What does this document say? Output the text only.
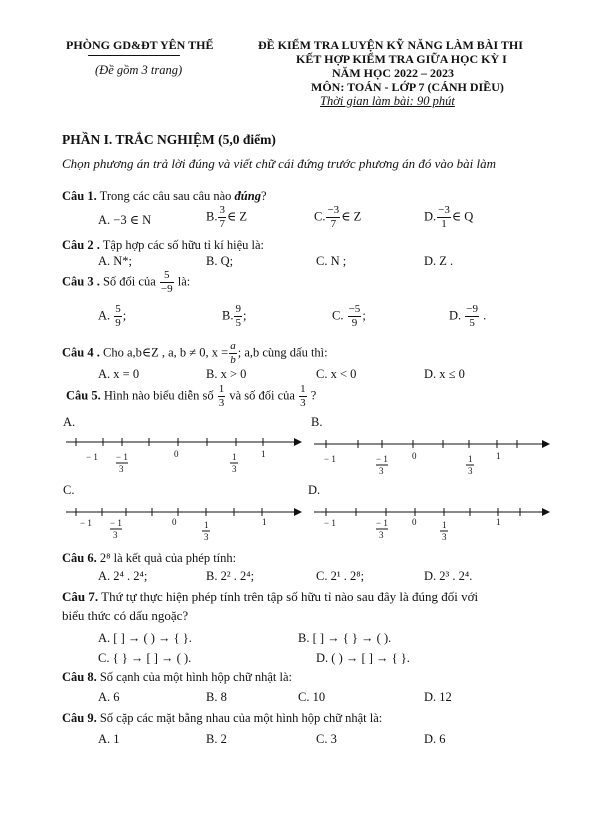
PHÒNG GD&ĐT YÊN THẾ
(Đề gồm 3 trang)
ĐỀ KIỂM TRA LUYỆN KỸ NĂNG LÀM BÀI THI
KẾT HỢP KIỂM TRA GIỮA HỌC KỲ I
NĂM HỌC 2022 – 2023
MÔN: TOÁN - LỚP 7 (CÁNH DIỀU)
Thời gian làm bài: 90 phút
PHẦN I. TRẮC NGHIỆM (5,0 điểm)
Chọn phương án trả lời đúng và viết chữ cái đứng trước phương án đó vào bài làm
Câu 1. Trong các câu sau câu nào đúng?
A. −3 ∈ N	B. $\frac{3}{7}$ ∈ Z	C. $\frac{-3}{7}$ ∈ Z	D. $\frac{-3}{1}$ ∈ Q
Câu 2 . Tập hợp các số hữu tỉ kí hiệu là:
A. N*;	B. Q;	C. N ;	D. Z .
Câu 3 . Số đối của $\frac{5}{-9}$ là:
A. $\frac{5}{9}$ ;	B. $\frac{9}{5}$ ;	C. $\frac{-5}{9}$ ;	D. $\frac{-9}{5}$ .
Câu 4 . Cho a,b∈Z , a, b ≠ 0, $x = \frac{a}{b}$ ; a,b cùng dấu thì:
A. x = 0	B. x > 0	C. x < 0	D. x ≤ 0
Câu 5. Hình nào biểu diễn số $\frac{1}{3}$ và số đối của $\frac{1}{3}$ ?
A.	B.
C.	D.
− 1 − 1
3
0	1
3
1	− 1	− 1
3
0	1
3
1
− 1 − 1
3
0	1
3
1	− 1	− 1
3
0	1
3
1
Câu 6. 2⁸ là kết quả của phép tính:
A. 2⁴ . 2⁴;	B. 2² . 2⁴;	C. 2¹ . 2⁸;	D. 2³ . 2⁴.
Câu 7. Thứ tự thực hiện phép tính trên tập số hữu tỉ nào sau đây là đúng đối với
biểu thức có dấu ngoặc?
A. [ ] → ( ) → { }.	B. [ ] → { } → ( ).
C. { } → [ ] → ( ).	D. ( ) → [ ] → { }.
Câu 8. Số cạnh của một hình hộp chữ nhật là:
A. 6	B. 8	C. 10	D. 12
Câu 9. Số cặp các mặt bằng nhau của một hình hộp chữ nhật là:
A. 1	B. 2	C. 3	D. 6
